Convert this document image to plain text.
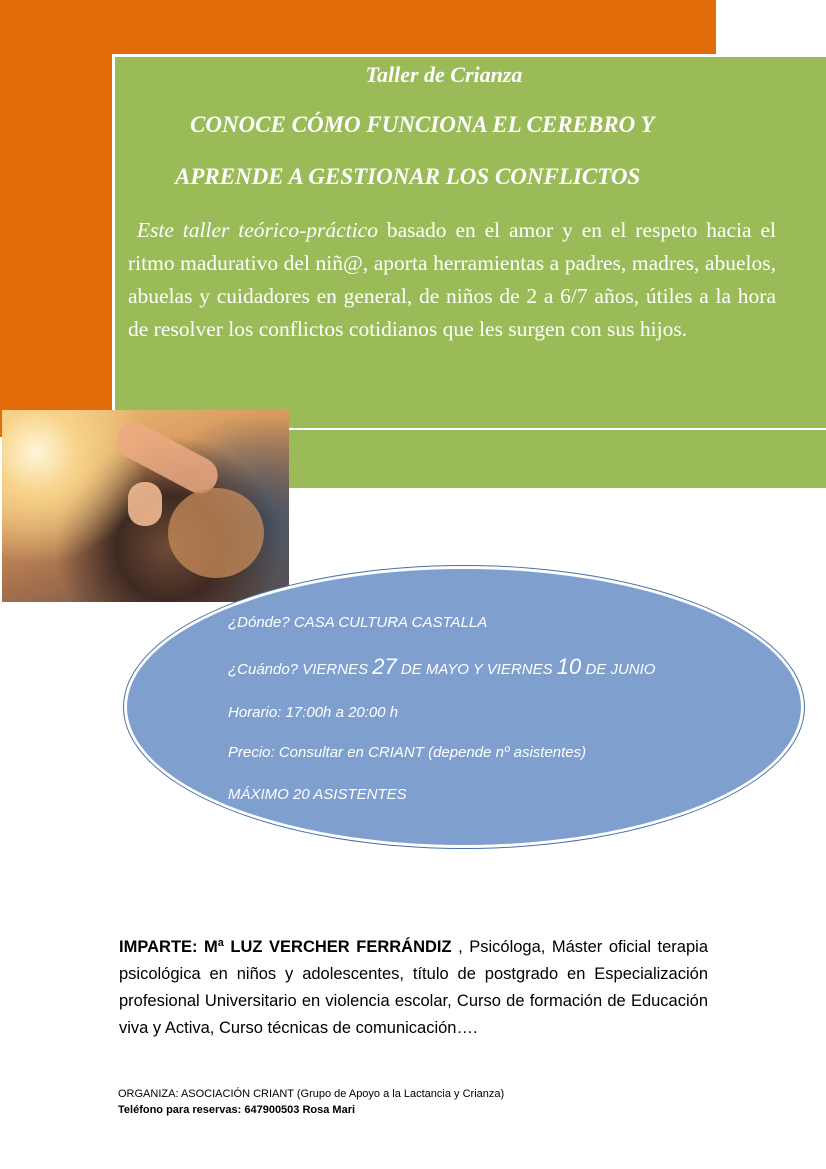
Taller de Crianza
CONOCE CÓMO FUNCIONA EL CEREBRO Y
APRENDE A GESTIONAR LOS CONFLICTOS
Este taller teórico-práctico basado en el amor y en el respeto hacia el ritmo madurativo del niñ@, aporta herramientas a padres, madres, abuelos, abuelas y cuidadores en general, de niños de 2 a 6/7 años, útiles a la hora de resolver los conflictos cotidianos que les surgen con sus hijos.
¿Dónde? CASA CULTURA CASTALLA
¿Cuándo? VIERNES 27 DE MAYO Y VIERNES 10 DE JUNIO
Horario: 17:00h a 20:00 h
Precio: Consultar en CRIANT (depende nº asistentes)
MÁXIMO 20 ASISTENTES
IMPARTE: Mª LUZ VERCHER FERRÁNDIZ , Psicóloga, Máster oficial terapia psicológica en niños y adolescentes, título de postgrado en Especialización profesional Universitario en violencia escolar, Curso de formación de Educación viva y Activa, Curso técnicas de comunicación….
ORGANIZA: ASOCIACIÓN CRIANT (Grupo de Apoyo a la Lactancia y Crianza)
Teléfono para reservas: 647900503 Rosa Mari
